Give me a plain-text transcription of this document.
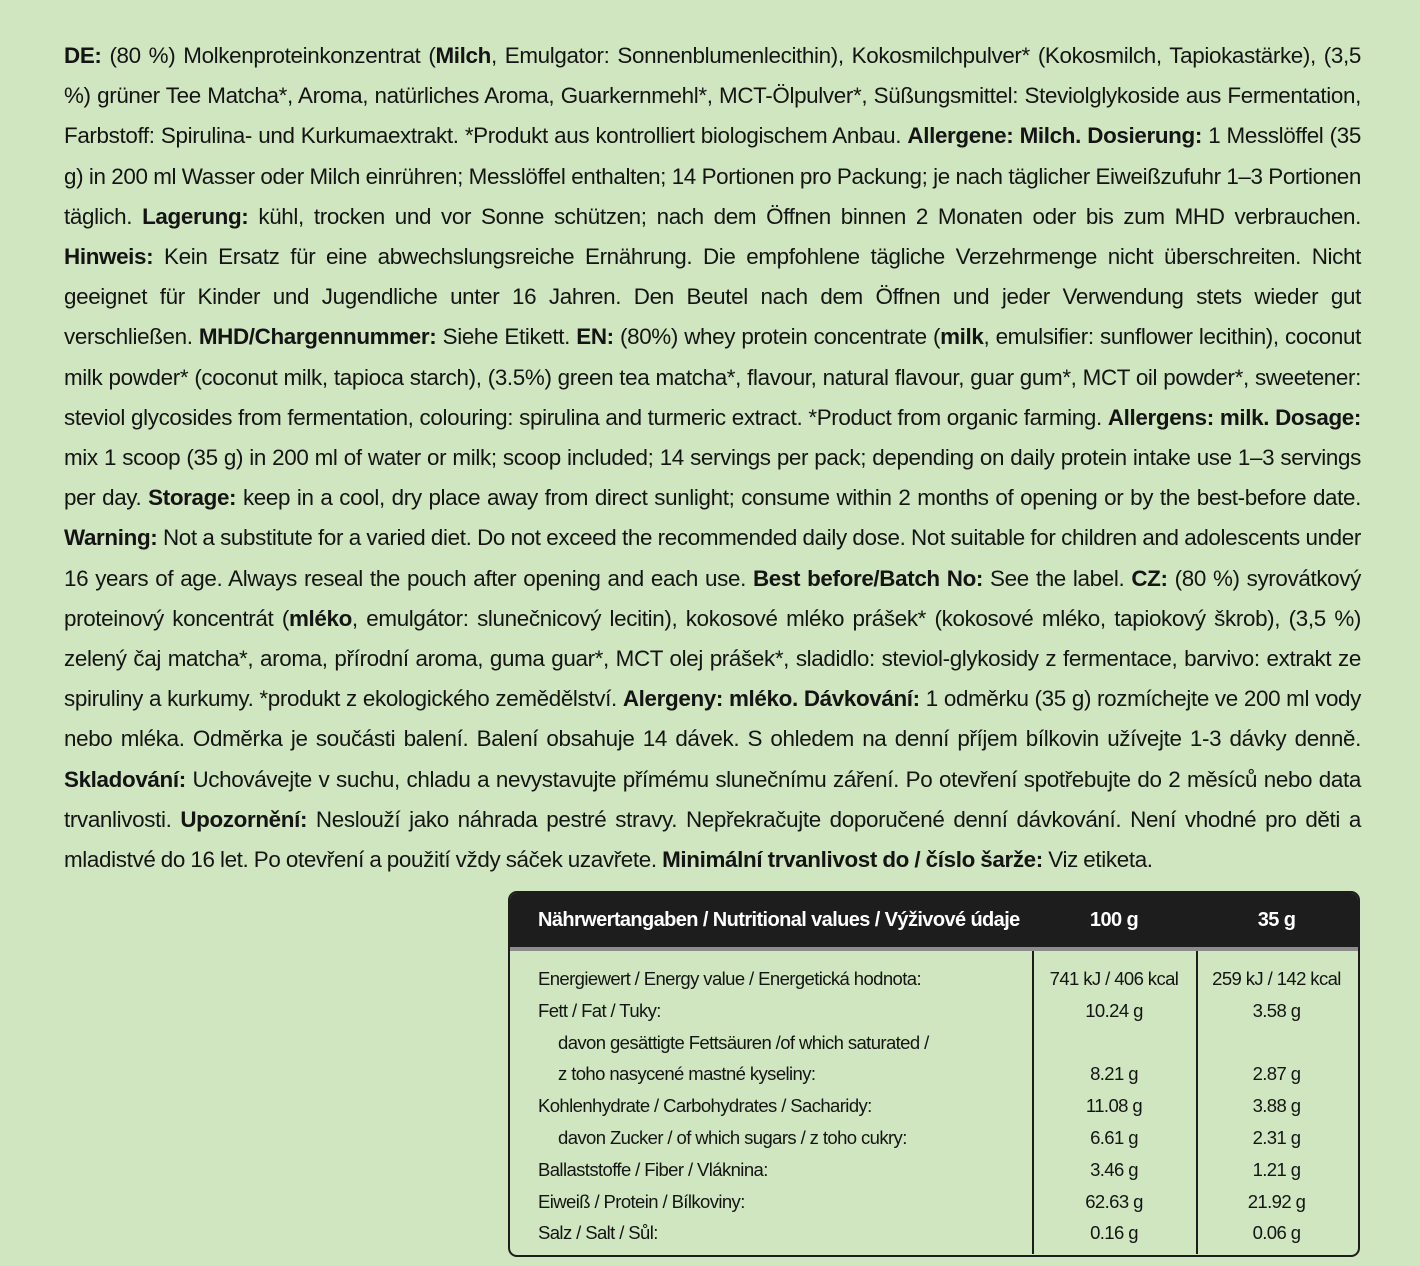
DE: (80 %) Molkenproteinkonzentrat (Milch, Emulgator: Sonnenblumenlecithin), Kokosmilchpulver* (Kokosmilch, Tapiokastärke), (3,5 %) grüner Tee Matcha*, Aroma, natürliches Aroma, Guarkernmehl*, MCT-Ölpulver*, Süßungsmittel: Steviolglykoside aus Fermentation, Farbstoff: Spirulina- und Kurkumaextrakt. *Produkt aus kontrolliert biologischem Anbau. Allergene: Milch. Dosierung: 1 Messlöffel (35 g) in 200 ml Wasser oder Milch einrühren; Messlöffel enthalten; 14 Portionen pro Packung; je nach täglicher Eiweißzufuhr 1–3 Portionen täglich. Lagerung: kühl, trocken und vor Sonne schützen; nach dem Öffnen binnen 2 Monaten oder bis zum MHD verbrauchen. Hinweis: Kein Ersatz für eine abwechslungsreiche Ernährung. Die empfohlene tägliche Verzehrmenge nicht überschreiten. Nicht geeignet für Kinder und Jugendliche unter 16 Jahren. Den Beutel nach dem Öffnen und jeder Verwendung stets wieder gut verschließen. MHD/Chargennummer: Siehe Etikett. EN: (80%) whey protein concentrate (milk, emulsifier: sunflower lecithin), coconut milk powder* (coconut milk, tapioca starch), (3.5%) green tea matcha*, flavour, natural flavour, guar gum*, MCT oil powder*, sweetener: steviol glycosides from fermentation, colouring: spirulina and turmeric extract. *Product from organic farming. Allergens: milk. Dosage: mix 1 scoop (35 g) in 200 ml of water or milk; scoop included; 14 servings per pack; depending on daily protein intake use 1–3 servings per day. Storage: keep in a cool, dry place away from direct sunlight; consume within 2 months of opening or by the best-before date. Warning: Not a substitute for a varied diet. Do not exceed the recommended daily dose. Not suitable for children and adolescents under 16 years of age. Always reseal the pouch after opening and each use. Best before/Batch No: See the label. CZ: (80 %) syrovátkový proteinový koncentrát (mléko, emulgátor: slunečnicový lecitin), kokosové mléko prášek* (kokosové mléko, tapiokový škrob), (3,5 %) zelený čaj matcha*, aroma, přírodní aroma, guma guar*, MCT olej prášek*, sladidlo: steviol-glykosidy z fermentace, barvivo: extrakt ze spiruliny a kurkumy. *produkt z ekologického zemědělství. Alergeny: mléko. Dávkování: 1 odměrku (35 g) rozmíchejte ve 200 ml vody nebo mléka. Odměrka je součásti balení. Balení obsahuje 14 dávek. S ohledem na denní příjem bílkovin užívejte 1-3 dávky denně. Skladování: Uchovávejte v suchu, chladu a nevystavujte přímému slunečnímu záření. Po otevření spotřebujte do 2 měsíců nebo data trvanlivosti. Upozornění: Neslouží jako náhrada pestré stravy. Nepřekračujte doporučené denní dávkování. Není vhodné pro děti a mladistvé do 16 let. Po otevření a použití vždy sáček uzavřete. Minimální trvanlivost do / číslo šarže: Viz etiketa.
Nährwertangaben / Nutritional values / Výživové údaje	100 g	35 g
Energiewert / Energy value / Energetická hodnota:	741 kJ / 406 kcal	259 kJ / 142 kcal
Fett / Fat / Tuky:	10.24 g	3.58 g
davon gesättigte Fettsäuren /of which saturated /
z toho nasycené mastné kyseliny:	8.21 g	2.87 g
Kohlenhydrate / Carbohydrates / Sacharidy:	11.08 g	3.88 g
davon Zucker / of which sugars / z toho cukry:	6.61 g	2.31 g
Ballaststoffe / Fiber / Vláknina:	3.46 g	1.21 g
Eiweiß / Protein / Bílkoviny:	62.63 g	21.92 g
Salz / Salt / Sůl:	0.16 g	0.06 g
